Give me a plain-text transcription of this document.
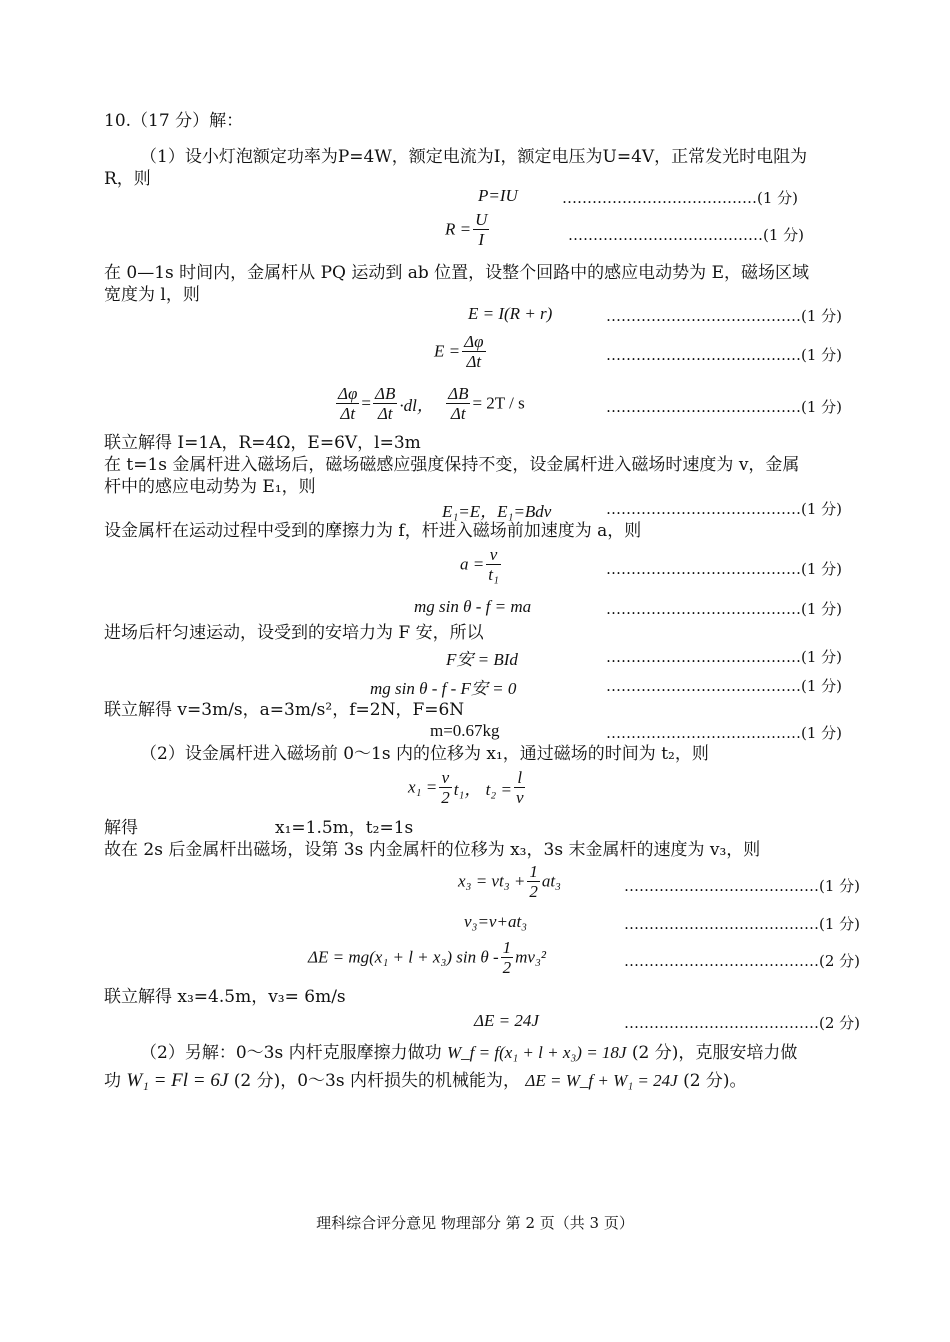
10.（17 分）解：
（1）设小灯泡额定功率为P=4W，额定电流为I，额定电压为U=4V，正常发光时电阻为
R，则
P=IU	…………………………………(1 分)
$R = \frac{U}{I}$	…………………………………(1 分)
在 0—1s 时间内，金属杆从 PQ 运动到 ab 位置，设整个回路中的感应电动势为 E，磁场区域
宽度为 l，则
E = I(R + r)	…………………………………(1 分)
$E = \frac{\Delta\varphi}{\Delta t}$	…………………………………(1 分)
$\frac{\Delta\varphi}{\Delta t} = \frac{\Delta B}{\Delta t} \cdot dl$， $\frac{\Delta B}{\Delta t} = 2T / s$	…………………………………(1 分)
联立解得 I=1A，R=4Ω，E=6V，l=3m
在 t=1s 金属杆进入磁场后，磁场磁感应强度保持不变，设金属杆进入磁场时速度为 v，金属
杆中的感应电动势为 E₁，则
E₁=E，E₁=Bdv	…………………………………(1 分)
设金属杆在运动过程中受到的摩擦力为 f，杆进入磁场前加速度为 a，则
$a = \frac{v}{\text{t₁}}$	…………………………………(1 分)
mg sin θ - f = ma	…………………………………(1 分)
进场后杆匀速运动，设受到的安培力为 F 安，所以
F安 = BId	…………………………………(1 分)
mg sin θ - f - F安 = 0	…………………………………(1 分)
联立解得 v=3m/s，a=3m/s²，f=2N，F=6N
m=0.67kg	…………………………………(1 分)
（2）设金属杆进入磁场前 0～1s 内的位移为 x₁，通过磁场的时间为 t₂，则
$x_1 = \frac{v}{2} t_1$， $t_2 = \frac{l}{v}$
解得	x₁=1.5m，t₂=1s
故在 2s 后金属杆出磁场，设第 3s 内金属杆的位移为 x₃，3s 末金属杆的速度为 v₃，则
$x_3 = vt_3 + \frac{1}{2} at_3$	…………………………………(1 分)
v₃=v+at₃	…………………………………(1 分)
ΔE = mg(x₁ + l + x₃) sin θ - $\frac{1}{2} mv_3^2$	…………………………………(2 分)
联立解得 x₃=4.5m，v₃= 6m/s
ΔE = 24J	…………………………………(2 分)
（2）另解：0～3s 内杆克服摩擦力做功 W_f = f(x₁ + l + x₃) = 18J (2 分)，克服安培力做
功 W₁ = Fl = 6J (2 分)，0～3s 内杆损失的机械能为， ΔE = W_f + W₁ = 24J (2 分)。
理科综合评分意见 物理部分 第 2 页（共 3 页）
